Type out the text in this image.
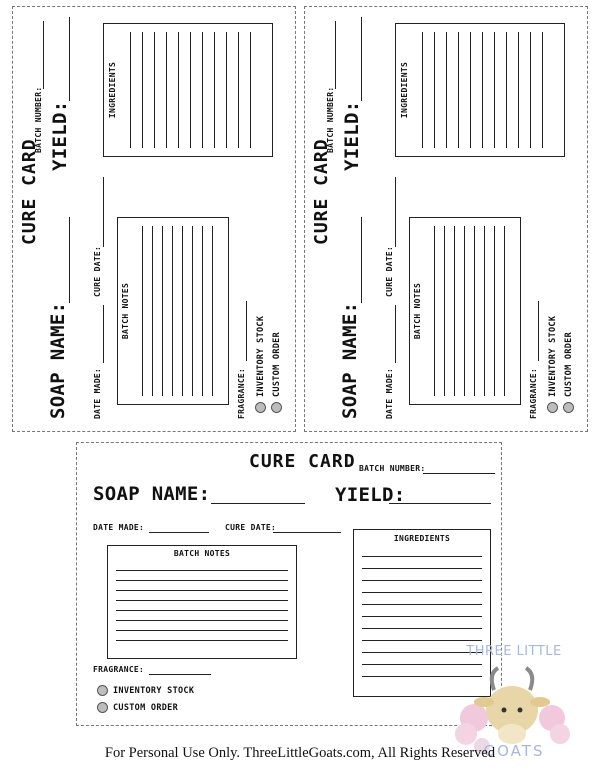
CURE CARD
BATCH NUMBER:
SOAP NAME:
YIELD:
DATE MADE:
CURE DATE:
BATCH NOTES
INGREDIENTS
FRAGRANCE: INVENTORY STOCK CUSTOM ORDER
CURE CARD
BATCH NUMBER:
SOAP NAME:
YIELD:
DATE MADE:
CURE DATE:
BATCH NOTES
INGREDIENTS
FRAGRANCE: INVENTORY STOCK CUSTOM ORDER
CURE CARD BATCH NUMBER:
SOAP NAME:	YIELD:
DATE MADE:	CURE DATE:
BATCH NOTES
INGREDIENTS
FRAGRANCE:
INVENTORY STOCK
CUSTOM ORDER
THREE LITTLE
GOATS
For Personal Use Only. ThreeLittleGoats.com, All Rights Reserved
